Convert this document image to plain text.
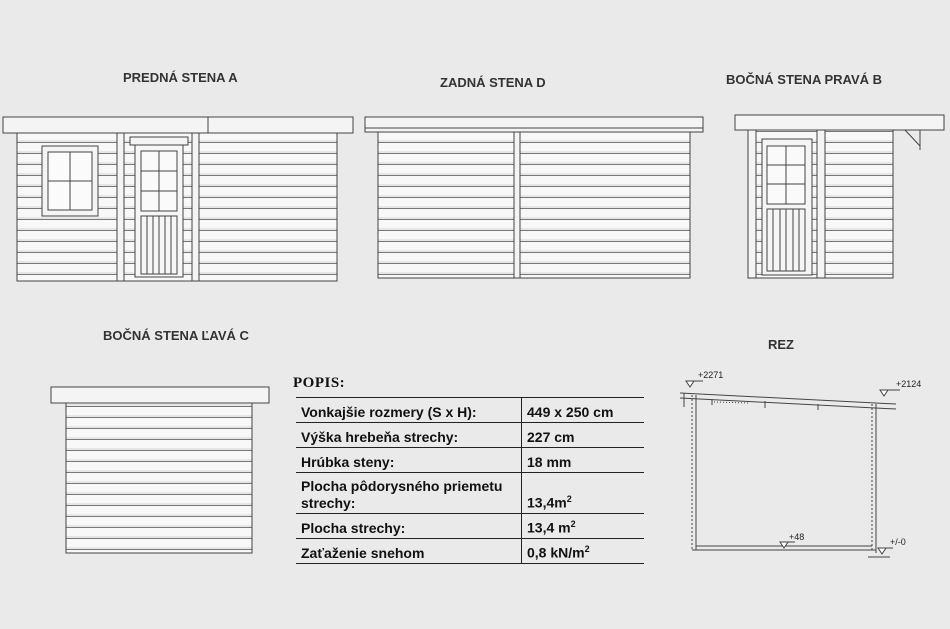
PREDNÁ STENA A	ZADNÁ STENA D	BOČNÁ STENA PRAVÁ B
BOČNÁ STENA ĽAVÁ C
REZ
+2271
+2124
+48	+/-0
POPIS:
Vonkajšie rozmery (S x H):	449 x 250 cm
Výška hrebeňa strechy:	227 cm
Hrúbka steny:	18 mm
Plocha pôdorysného priemetu strechy:	$13,4m^2$
Plocha strechy:	13,4 $m^2$
Zaťaženie snehom	0,8 $kN/m^2$
